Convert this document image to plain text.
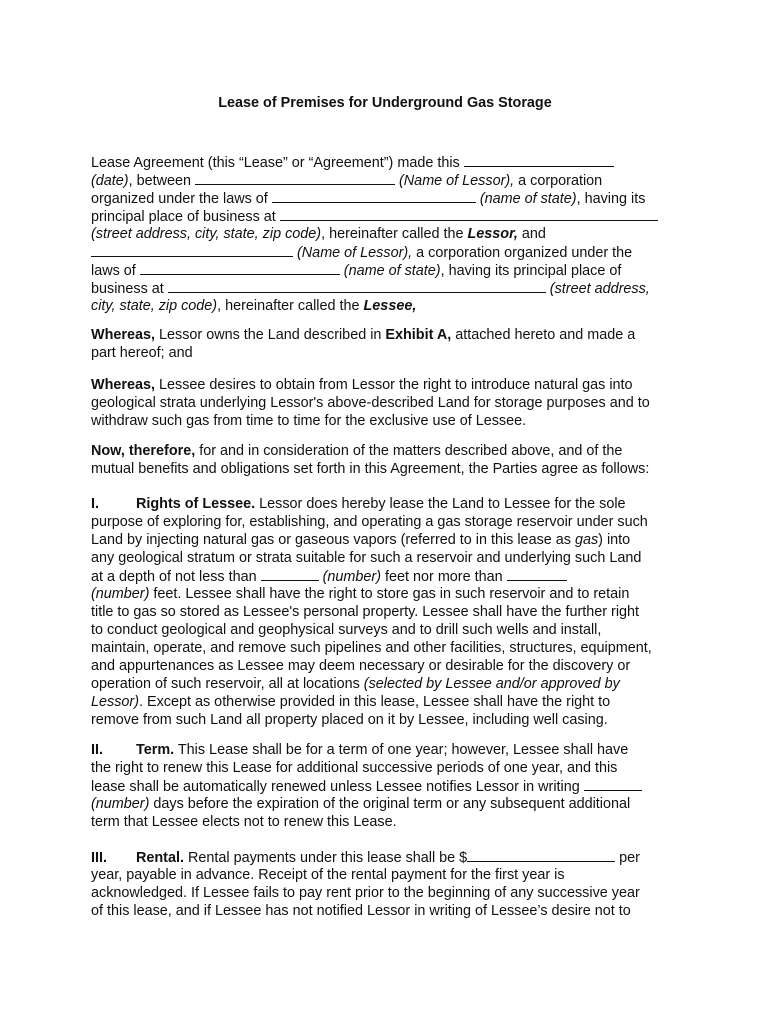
Lease of Premises for Underground Gas Storage
Lease Agreement (this “Lease” or “Agreement”) made this
(date), between	(Name of Lessor), a corporation
organized under the laws of	(name of state), having its
principal place of business at
(street address, city, state, zip code), hereinafter called the Lessor, and
(Name of Lessor), a corporation organized under the
laws of	(name of state), having its principal place of
business at	(street address,
city, state, zip code), hereinafter called the Lessee,
Whereas, Lessor owns the Land described in Exhibit A, attached hereto and made a
part hereof; and
Whereas, Lessee desires to obtain from Lessor the right to introduce natural gas into
geological strata underlying Lessor's above-described Land for storage purposes and to
withdraw such gas from time to time for the exclusive use of Lessee.
Now, therefore, for and in consideration of the matters described above, and of the
mutual benefits and obligations set forth in this Agreement, the Parties agree as follows:
I.	Rights of Lessee. Lessor does hereby lease the Land to Lessee for the sole
purpose of exploring for, establishing, and operating a gas storage reservoir under such
Land by injecting natural gas or gaseous vapors (referred to in this lease as gas) into
any geological stratum or strata suitable for such a reservoir and underlying such Land
at a depth of not less than	(number) feet nor more than
(number) feet. Lessee shall have the right to store gas in such reservoir and to retain
title to gas so stored as Lessee's personal property. Lessee shall have the further right
to conduct geological and geophysical surveys and to drill such wells and install,
maintain, operate, and remove such pipelines and other facilities, structures, equipment,
and appurtenances as Lessee may deem necessary or desirable for the discovery or
operation of such reservoir, all at locations (selected by Lessee and/or approved by
Lessor). Except as otherwise provided in this lease, Lessee shall have the right to
remove from such Land all property placed on it by Lessee, including well casing.
II. Term. This Lease shall be for a term of one year; however, Lessee shall have
the right to renew this Lease for additional successive periods of one year, and this
lease shall be automatically renewed unless Lessee notifies Lessor in writing
(number) days before the expiration of the original term or any subsequent additional
term that Lessee elects not to renew this Lease.
III. Rental. Rental payments under this lease shall be $	per
year, payable in advance. Receipt of the rental payment for the first year is
acknowledged. If Lessee fails to pay rent prior to the beginning of any successive year
of this lease, and if Lessee has not notified Lessor in writing of Lessee’s desire not to
